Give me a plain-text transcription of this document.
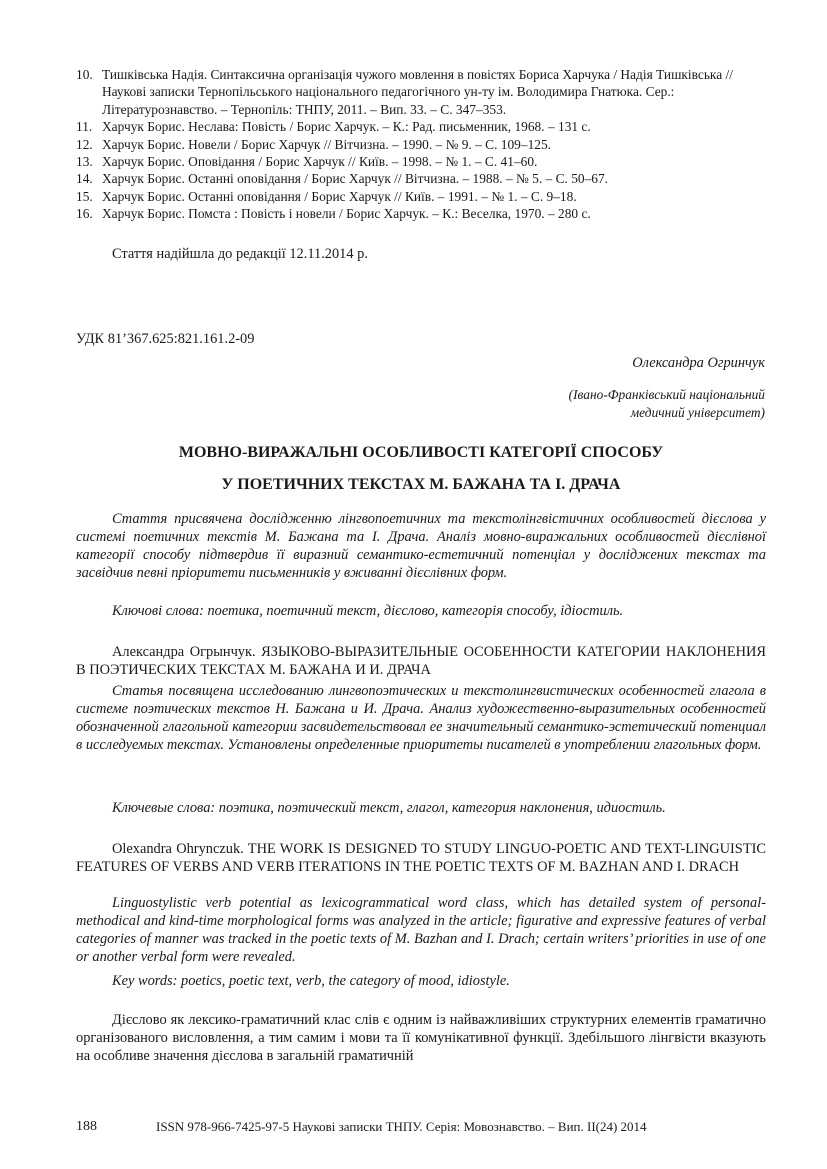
10. Тишківська Надія. Синтаксична організація чужого мовлення в повістях Бориса Харчука / Надія Тишківська // Наукові записки Тернопільського національного педагогічного ун-ту ім. Володимира Гнатюка. Сер.: Літературознавство. – Тернопіль: ТНПУ, 2011. – Вип. 33. – С. 347–353.

11. Харчук Борис. Неслава: Повість / Борис Харчук. – К.: Рад. письменник, 1968. – 131 с.

12. Харчук Борис. Новели / Борис Харчук // Вітчизна. – 1990. – № 9. – С. 109–125.

13. Харчук Борис. Оповідання / Борис Харчук // Київ. – 1998. – № 1. – С. 41–60.

14. Харчук Борис. Останні оповідання / Борис Харчук // Вітчизна. – 1988. – № 5. – С. 50–67.

15. Харчук Борис. Останні оповідання / Борис Харчук // Київ. – 1991. – № 1. – С. 9–18.

16. Харчук Борис. Помста : Повість і новели / Борис Харчук. – К.: Веселка, 1970. – 280 с.

Стаття надійшла до редакції 12.11.2014 р.
УДК 81’367.625:821.161.2-09
Олександра Огринчук
(Івано-Франківський національний
медичний університет)
МОВНО-ВИРАЖАЛЬНІ ОСОБЛИВОСТІ КАТЕГОРІЇ СПОСОБУ
У ПОЕТИЧНИХ ТЕКСТАХ М. БАЖАНА ТА І. ДРАЧА

Стаття присвячена дослідженню лінгвопоетичних та текстолінгвістичних особливостей дієслова у системі поетичних текстів М. Бажана та І. Драча. Аналіз мовно-виражальних особливостей дієслівної категорії способу підтвердив її виразний семантико-естетичний потенціал у досліджених текстах та засвідчив певні пріоритети письменників у вживанні дієслівних форм.

Ключові слова: поетика, поетичний текст, дієслово, категорія способу, ідіостиль.

Александра Огрынчук. ЯЗЫКОВО-ВЫРАЗИТЕЛЬНЫЕ ОСОБЕННОСТИ КАТЕГОРИИ НАКЛОНЕНИЯ В ПОЭТИЧЕСКИХ ТЕКСТАХ М. БАЖАНА И И. ДРАЧА

Статья посвящена исследованию лингвопоэтических и текстолингвистических особенностей глагола в системе поэтических текстов Н. Бажана и И. Драча. Анализ художественно-выразительных особенностей обозначенной глагольной категории засвидетельствовал ее значительный семантико-эстетический потенциал в исследуемых текстах. Установлены определенные приоритеты писателей в употреблении глагольных форм.

Ключевые слова: поэтика, поэтический текст, глагол, категория наклонения, идиостиль.

Olexandra Ohrynczuk. THE WORK IS DESIGNED TO STUDY LINGUO-POETIC AND TEXT-LINGUISTIC FEATURES OF VERBS AND VERB ITERATIONS IN THE POETIC TEXTS OF M. BAZHAN AND I. DRACH

Linguostylistic verb potential as lexicogrammatical word class, which has detailed system of personal-methodical and kind-time morphological forms was analyzed in the article; figurative and expressive features of verbal categories of manner was tracked in the poetic texts of M. Bazhan and I. Drach; certain writers’ priorities in use of one or another verbal form were revealed.

Key words: poetics, poetic text, verb, the category of mood, idiostyle.

Дієслово як лексико-граматичний клас слів є одним із найважливіших структурних елементів граматично організованого висловлення, а тим самим і мови та її комунікативної функції. Здебільшого лінгвісти вказують на особливе значення дієслова в загальній граматичній

188	ISSN 978-966-7425-97-5 Наукові записки ТНПУ. Серія: Мовознавство. – Вип. ІІ(24) 2014
